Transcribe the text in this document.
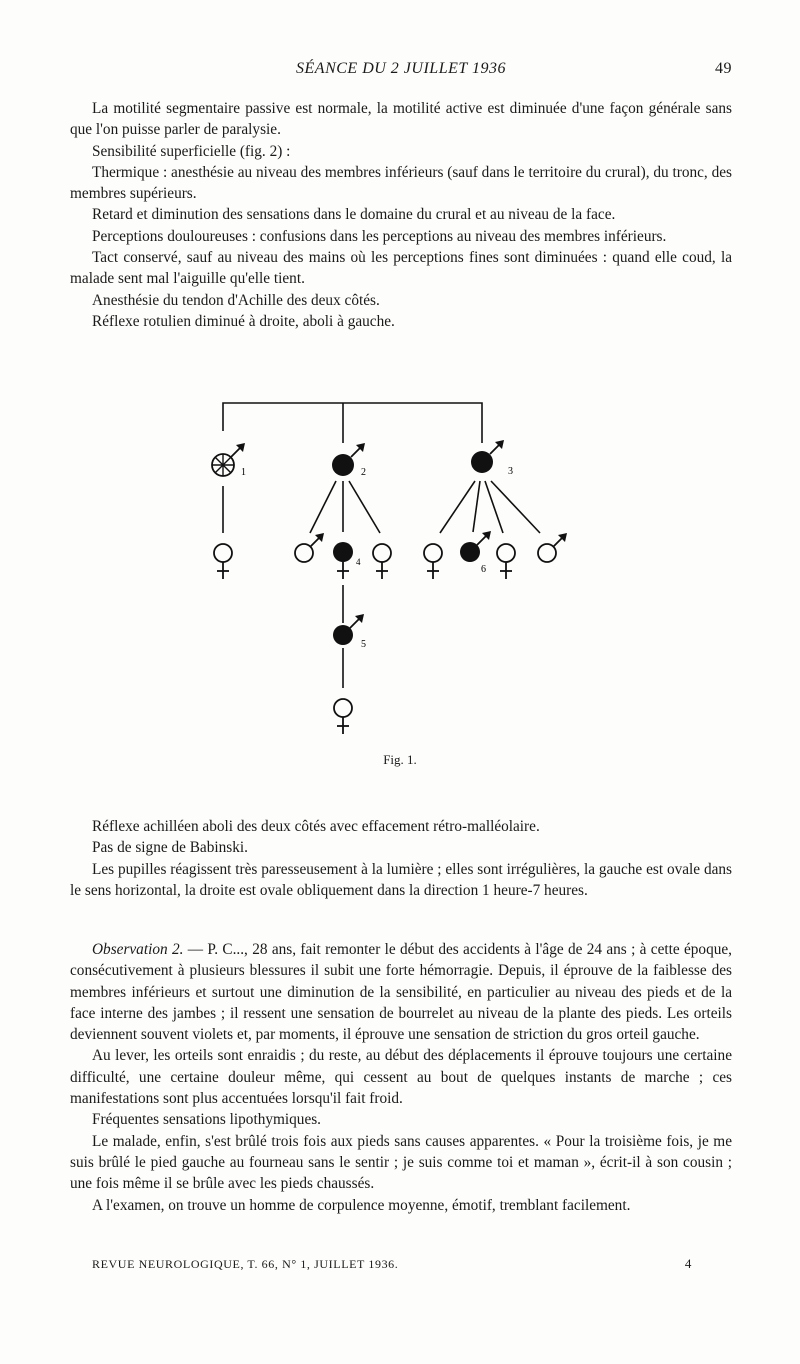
SÉANCE DU 2 JUILLET 1936	49

La motilité segmentaire passive est normale, la motilité active est diminuée d'une façon générale sans que l'on puisse parler de paralysie.

Sensibilité superficielle (fig. 2) :

Thermique : anesthésie au niveau des membres inférieurs (sauf dans le territoire du crural), du tronc, des membres supérieurs.

Retard et diminution des sensations dans le domaine du crural et au niveau de la face.

Perceptions douloureuses : confusions dans les perceptions au niveau des membres inférieurs.

Tact conservé, sauf au niveau des mains où les perceptions fines sont diminuées : quand elle coud, la malade sent mal l'aiguille qu'elle tient.

Anesthésie du tendon d'Achille des deux côtés.

Réflexe rotulien diminué à droite, aboli à gauche.

1	2	3
4
6
5
Fig. 1.

Réflexe achilléen aboli des deux côtés avec effacement rétro-malléolaire.

Pas de signe de Babinski.

Les pupilles réagissent très paresseusement à la lumière ; elles sont irrégulières, la gauche est ovale dans le sens horizontal, la droite est ovale obliquement dans la direction 1 heure-7 heures.

Observation 2. — P. C..., 28 ans, fait remonter le début des accidents à l'âge de 24 ans ; à cette époque, consécutivement à plusieurs blessures il subit une forte hémorragie. Depuis, il éprouve de la faiblesse des membres inférieurs et surtout une diminution de la sensibilité, en particulier au niveau des pieds et de la face interne des jambes ; il ressent une sensation de bourrelet au niveau de la plante des pieds. Les orteils deviennent souvent violets et, par moments, il éprouve une sensation de striction du gros orteil gauche.

Au lever, les orteils sont enraidis ; du reste, au début des déplacements il éprouve toujours une certaine difficulté, une certaine douleur même, qui cessent au bout de quelques instants de marche ; ces manifestations sont plus accentuées lorsqu'il fait froid.

Fréquentes sensations lipothymiques.

Le malade, enfin, s'est brûlé trois fois aux pieds sans causes apparentes. « Pour la troisième fois, je me suis brûlé le pied gauche au fourneau sans le sentir ; je suis comme toi et maman », écrit-il à son cousin ; une fois même il se brûle avec les pieds chaussés.

A l'examen, on trouve un homme de corpulence moyenne, émotif, tremblant facilement.

REVUE NEUROLOGIQUE, T. 66, N° 1, JUILLET 1936.	4
